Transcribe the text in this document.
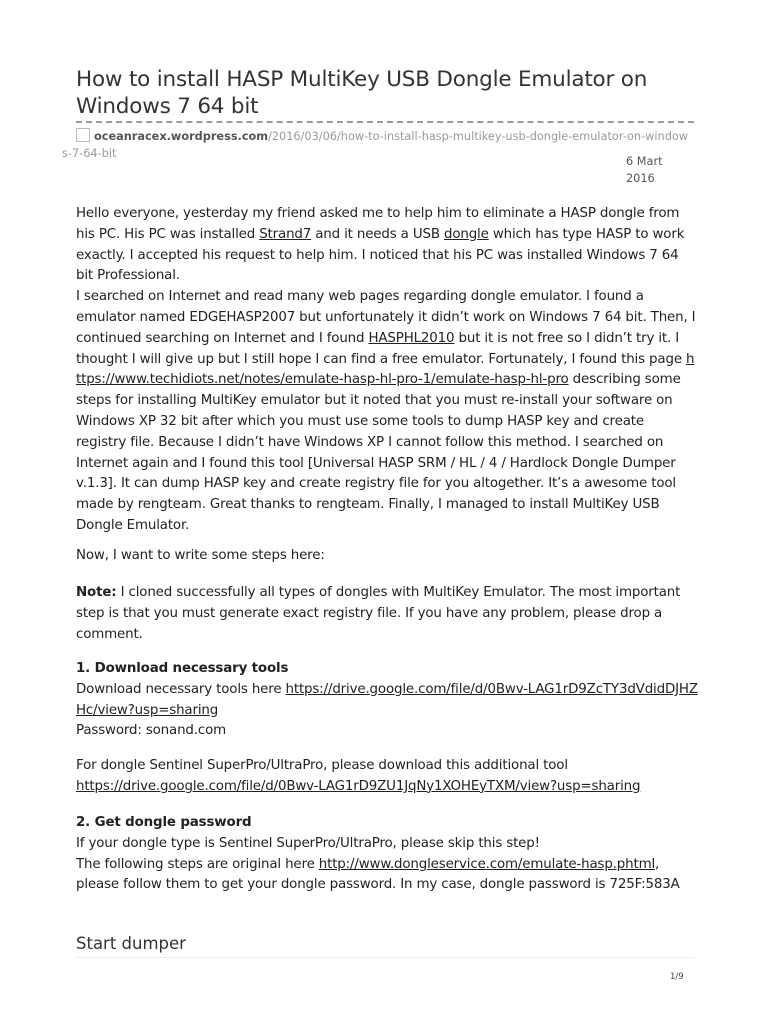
How to install HASP MultiKey USB Dongle Emulator on Windows 7 64 bit
oceanracex.wordpress.com/2016/03/06/how-to-install-hasp-multikey-usb-dongle-emulator-on-windows-7-64-bit
6 Mart
2016

Hello everyone, yesterday my friend asked me to help him to eliminate a HASP dongle from his PC. His PC was installed Strand7 and it needs a USB dongle which has type HASP to work exactly. I accepted his request to help him. I noticed that his PC was installed Windows 7 64 bit Professional.

I searched on Internet and read many web pages regarding dongle emulator. I found a emulator named EDGEHASP2007 but unfortunately it didn’t work on Windows 7 64 bit. Then, I continued searching on Internet and I found HASPHL2010 but it is not free so I didn’t try it. I thought I will give up but I still hope I can find a free emulator. Fortunately, I found this page https://www.techidiots.net/notes/emulate-hasp-hl-pro-1/emulate-hasp-hl-pro describing some steps for installing MultiKey emulator but it noted that you must re-install your software on Windows XP 32 bit after which you must use some tools to dump HASP key and create registry file. Because I didn’t have Windows XP I cannot follow this method. I searched on Internet again and I found this tool [Universal HASP SRM / HL / 4 / Hardlock Dongle Dumper v.1.3]. It can dump HASP key and create registry file for you altogether. It’s a awesome tool made by rengteam. Great thanks to rengteam. Finally, I managed to install MultiKey USB Dongle Emulator.

Now, I want to write some steps here:
Note: I cloned successfully all types of dongles with MultiKey Emulator. The most important step is that you must generate exact registry file. If you have any problem, please drop a comment.

1. Download necessary tools

Download necessary tools here https://drive.google.com/file/d/0Bwv-LAG1rD9ZcTY3dVdidDJHZHc/view?usp=sharing

Password: sonand.com

For dongle Sentinel SuperPro/UltraPro, please download this additional tool

https://drive.google.com/file/d/0Bwv-LAG1rD9ZU1JqNy1XOHEyTXM/view?usp=sharing

2. Get dongle password

If your dongle type is Sentinel SuperPro/UltraPro, please skip this step!

The following steps are original here http://www.dongleservice.com/emulate-hasp.phtml, please follow them to get your dongle password. In my case, dongle password is 725F:583A

Start dumper
1/9
